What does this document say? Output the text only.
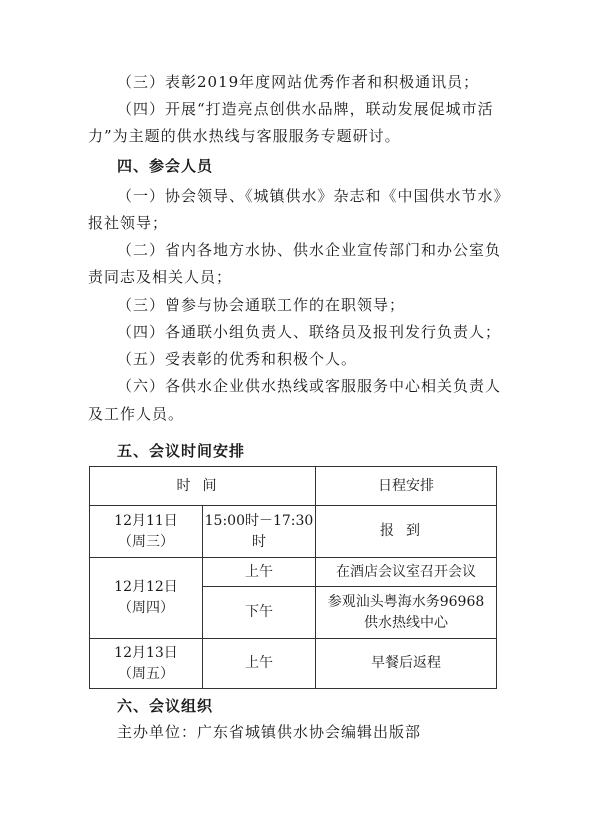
（三）表彰2019年度网站优秀作者和积极通讯员；
（四）开展“打造亮点创供水品牌，联动发展促城市活
力”为主题的供水热线与客服服务专题研讨。
四、参会人员
（一）协会领导、《城镇供水》杂志和《中国供水节水》
报社领导；
（二）省内各地方水协、供水企业宣传部门和办公室负
责同志及相关人员；
（三）曾参与协会通联工作的在职领导；
（四）各通联小组负责人、联络员及报刊发行负责人；
（五）受表彰的优秀和积极个人。
（六）各供水企业供水热线或客服服务中心相关负责人
及工作人员。
五、会议时间安排
时间		日程安排

12月11日
（周三）	15:00时－17:30时	报到

12月12日
（周四）	上午	在酒店会议室召开会议
	下午	参观汕头粤海水务96968
供水热线中心

12月13日
（周五）	上午	早餐后返程
六、会议组织
主办单位：广东省城镇供水协会编辑出版部
